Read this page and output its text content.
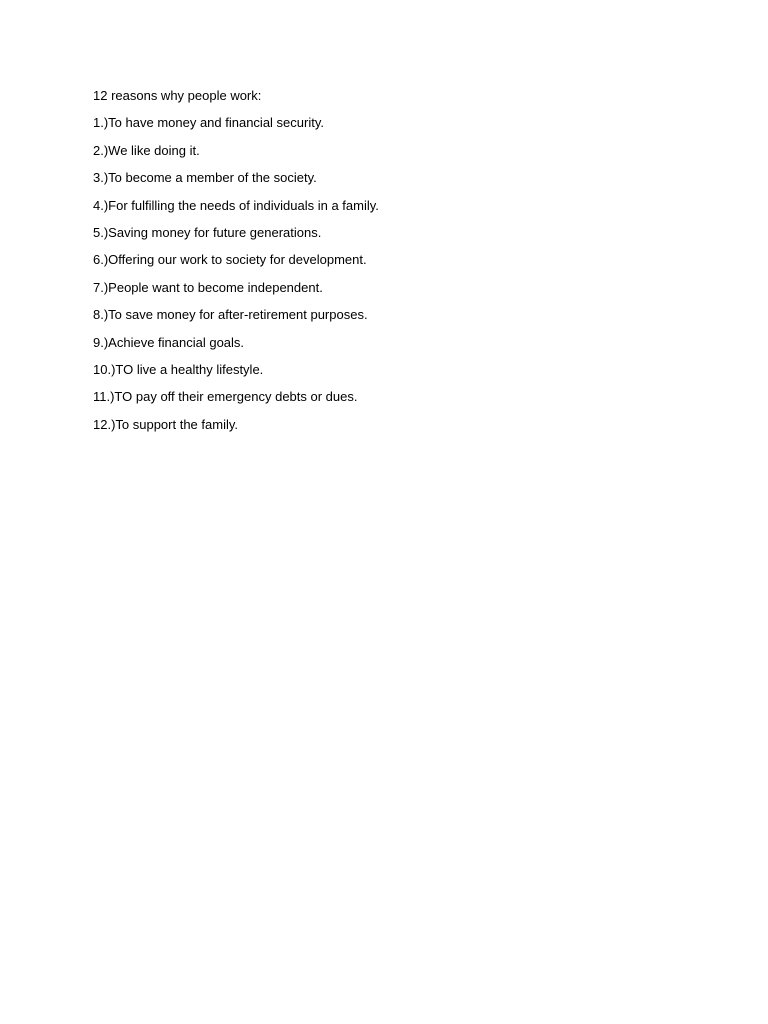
12 reasons why people work:
1.)To have money and financial security.
2.)We like doing it.
3.)To become a member of the society.
4.)For fulfilling the needs of individuals in a family.
5.)Saving money for future generations.
6.)Offering our work to society for development.
7.)People want to become independent.
8.)To save money for after-retirement purposes.
9.)Achieve financial goals.
10.)TO live a healthy lifestyle.
11.)TO pay off their emergency debts or dues.
12.)To support the family.
